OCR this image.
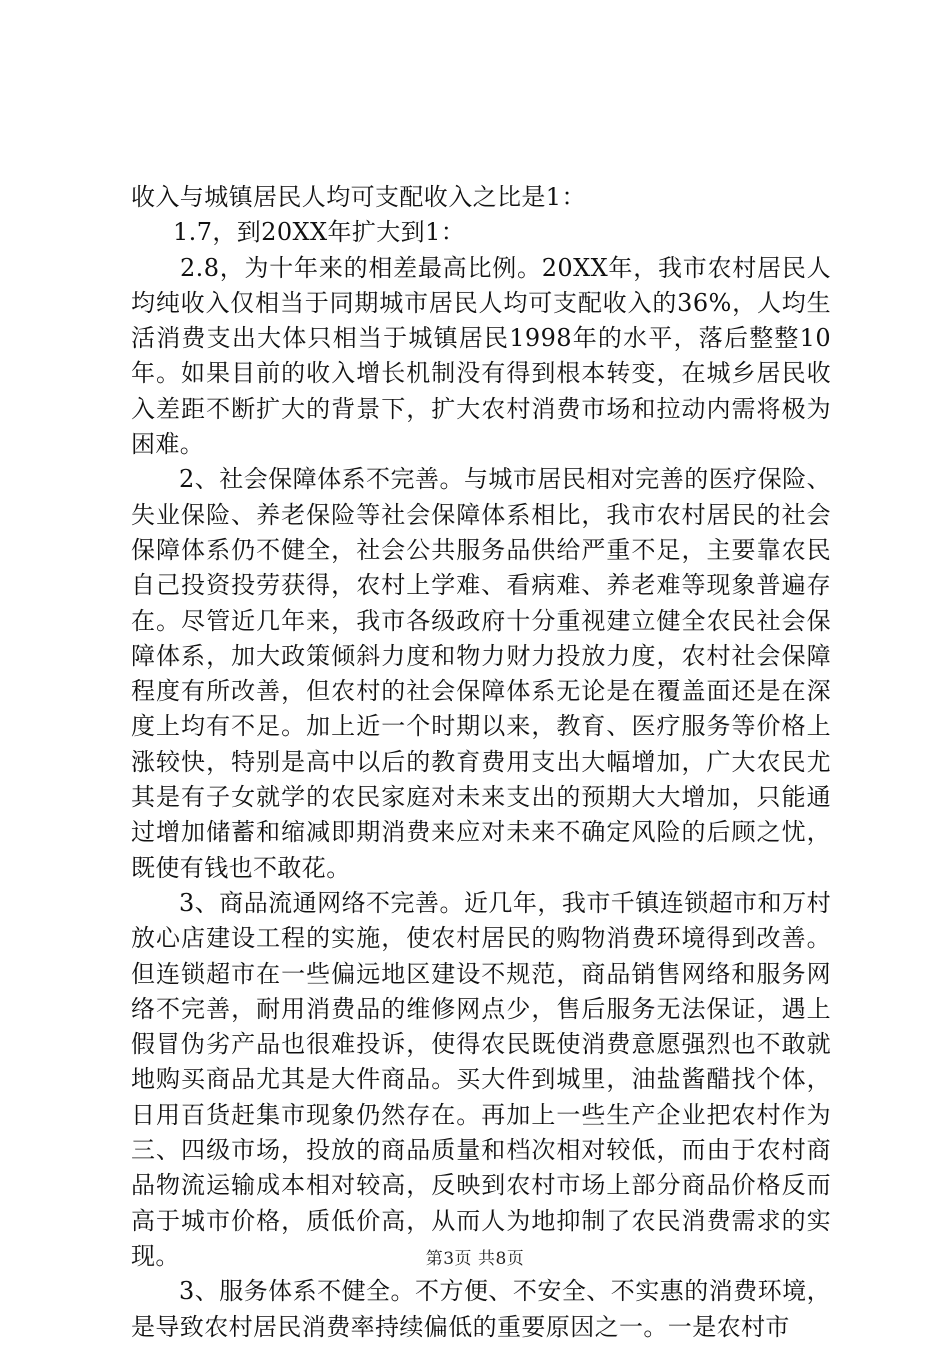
收入与城镇居民人均可支配收入之比是1：

1.7，到20XX年扩大到1：

2.8，为十年来的相差最高比例。20XX年，我市农村居民人均纯收入仅相当于同期城市居民人均可支配收入的36%，人均生活消费支出大体只相当于城镇居民1998年的水平，落后整整10年。如果目前的收入增长机制没有得到根本转变，在城乡居民收入差距不断扩大的背景下，扩大农村消费市场和拉动内需将极为困难。

2、社会保障体系不完善。与城市居民相对完善的医疗保险、失业保险、养老保险等社会保障体系相比，我市农村居民的社会保障体系仍不健全，社会公共服务品供给严重不足，主要靠农民自己投资投劳获得，农村上学难、看病难、养老难等现象普遍存在。尽管近几年来，我市各级政府十分重视建立健全农民社会保障体系，加大政策倾斜力度和物力财力投放力度，农村社会保障程度有所改善，但农村的社会保障体系无论是在覆盖面还是在深度上均有不足。加上近一个时期以来，教育、医疗服务等价格上涨较快，特别是高中以后的教育费用支出大幅增加，广大农民尤其是有子女就学的农民家庭对未来支出的预期大大增加，只能通过增加储蓄和缩减即期消费来应对未来不确定风险的后顾之忧，既使有钱也不敢花。

3、商品流通网络不完善。近几年，我市千镇连锁超市和万村放心店建设工程的实施，使农村居民的购物消费环境得到改善。但连锁超市在一些偏远地区建设不规范，商品销售网络和服务网络不完善，耐用消费品的维修网点少，售后服务无法保证，遇上假冒伪劣产品也很难投诉，使得农民既使消费意愿强烈也不敢就地购买商品尤其是大件商品。买大件到城里，油盐酱醋找个体，日用百货赶集市现象仍然存在。再加上一些生产企业把农村作为三、四级市场，投放的商品质量和档次相对较低，而由于农村商品物流运输成本相对较高，反映到农村市场上部分商品价格反而高于城市价格，质低价高，从而人为地抑制了农民消费需求的实现。

3、服务体系不健全。不方便、不安全、不实惠的消费环境，是导致农村居民消费率持续偏低的重要原因之一。一是农村市

第3页 共8页
